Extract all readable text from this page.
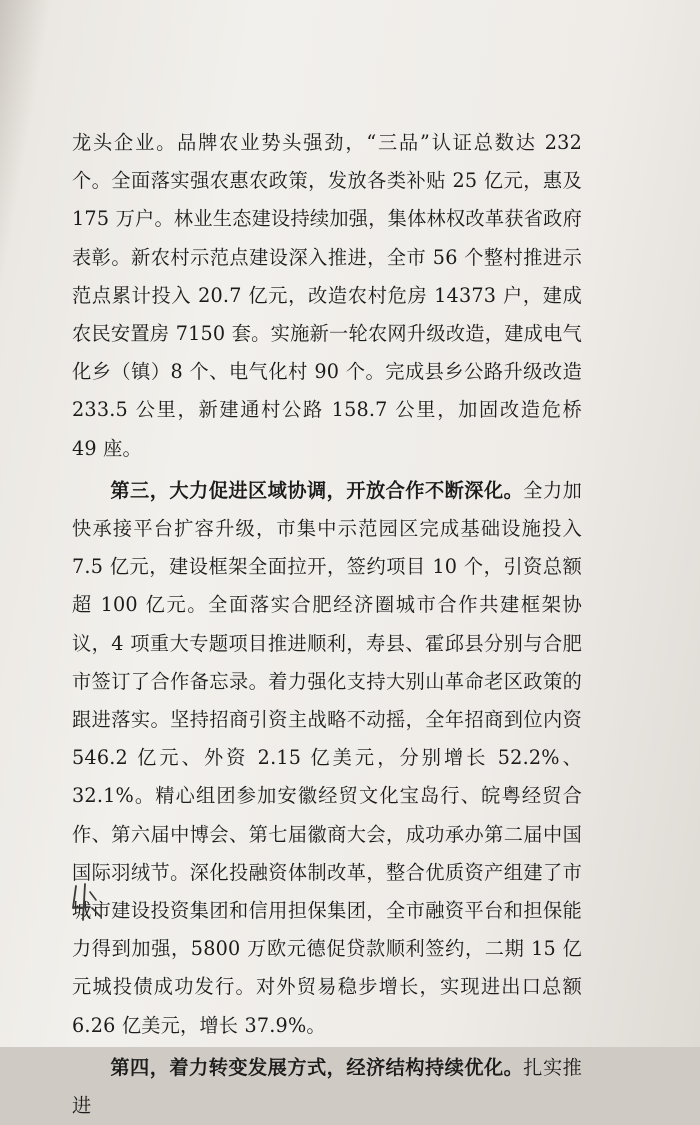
龙头企业。品牌农业势头强劲，“三品”认证总数达 232 个。全面落实强农惠农政策，发放各类补贴 25 亿元，惠及 175 万户。林业生态建设持续加强，集体林权改革获省政府表彰。新农村示范点建设深入推进，全市 56 个整村推进示范点累计投入 20.7 亿元，改造农村危房 14373 户，建成农民安置房 7150 套。实施新一轮农网升级改造，建成电气化乡（镇）8 个、电气化村 90 个。完成县乡公路升级改造 233.5 公里，新建通村公路 158.7 公里，加固改造危桥 49 座。

第三，大力促进区域协调，开放合作不断深化。全力加快承接平台扩容升级，市集中示范园区完成基础设施投入 7.5 亿元，建设框架全面拉开，签约项目 10 个，引资总额超 100 亿元。全面落实合肥经济圈城市合作共建框架协议，4 项重大专题项目推进顺利，寿县、霍邱县分别与合肥市签订了合作备忘录。着力强化支持大别山革命老区政策的跟进落实。坚持招商引资主战略不动摇，全年招商到位内资 546.2 亿元、外资 2.15 亿美元，分别增长 52.2%、32.1%。精心组团参加安徽经贸文化宝岛行、皖粤经贸合作、第六届中博会、第七届徽商大会，成功承办第二届中国国际羽绒节。深化投融资体制改革，整合优质资产组建了市城市建设投资集团和信用担保集团，全市融资平台和担保能力得到加强，5800 万欧元德促贷款顺利签约，二期 15 亿元城投债成功发行。对外贸易稳步增长，实现进出口总额 6.26 亿美元，增长 37.9%。

第四，着力转变发展方式，经济结构持续优化。扎实推进
